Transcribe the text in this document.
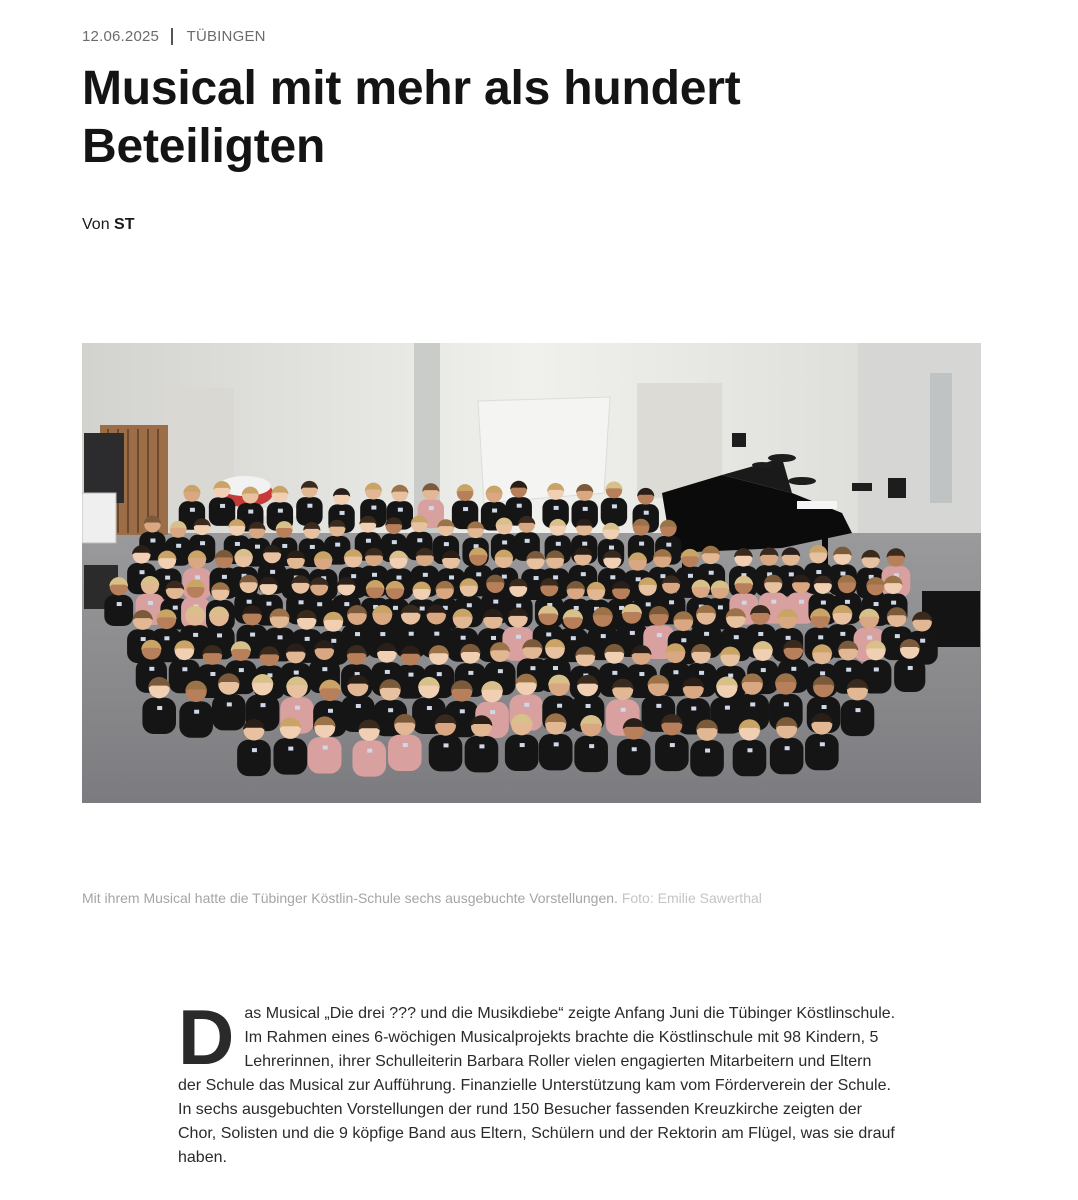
12.06.2025 TÜBINGEN
Musical mit mehr als hundert Beteiligten
Von ST
Mit ihrem Musical hatte die Tübinger Köstlin-Schule sechs ausgebuchte Vorstellungen. Foto: Emilie Sawerthal

Das Musical „Die drei ??? und die Musikdiebe“ zeigte Anfang Juni die Tübinger Köstlinschule. Im Rahmen eines 6-wöchigen Musicalprojekts brachte die Köstlinschule mit 98 Kindern, 5 Lehrerinnen, ihrer Schulleiterin Barbara Roller vielen engagierten Mitarbeitern und Eltern der Schule das Musical zur Aufführung. Finanzielle Unterstützung kam vom Förderverein der Schule. In sechs ausgebuchten Vorstellungen der rund 150 Besucher fassenden Kreuzkirche zeigten der Chor, Solisten und die 9 köpfige Band aus Eltern, Schülern und der Rektorin am Flügel, was sie drauf haben.
